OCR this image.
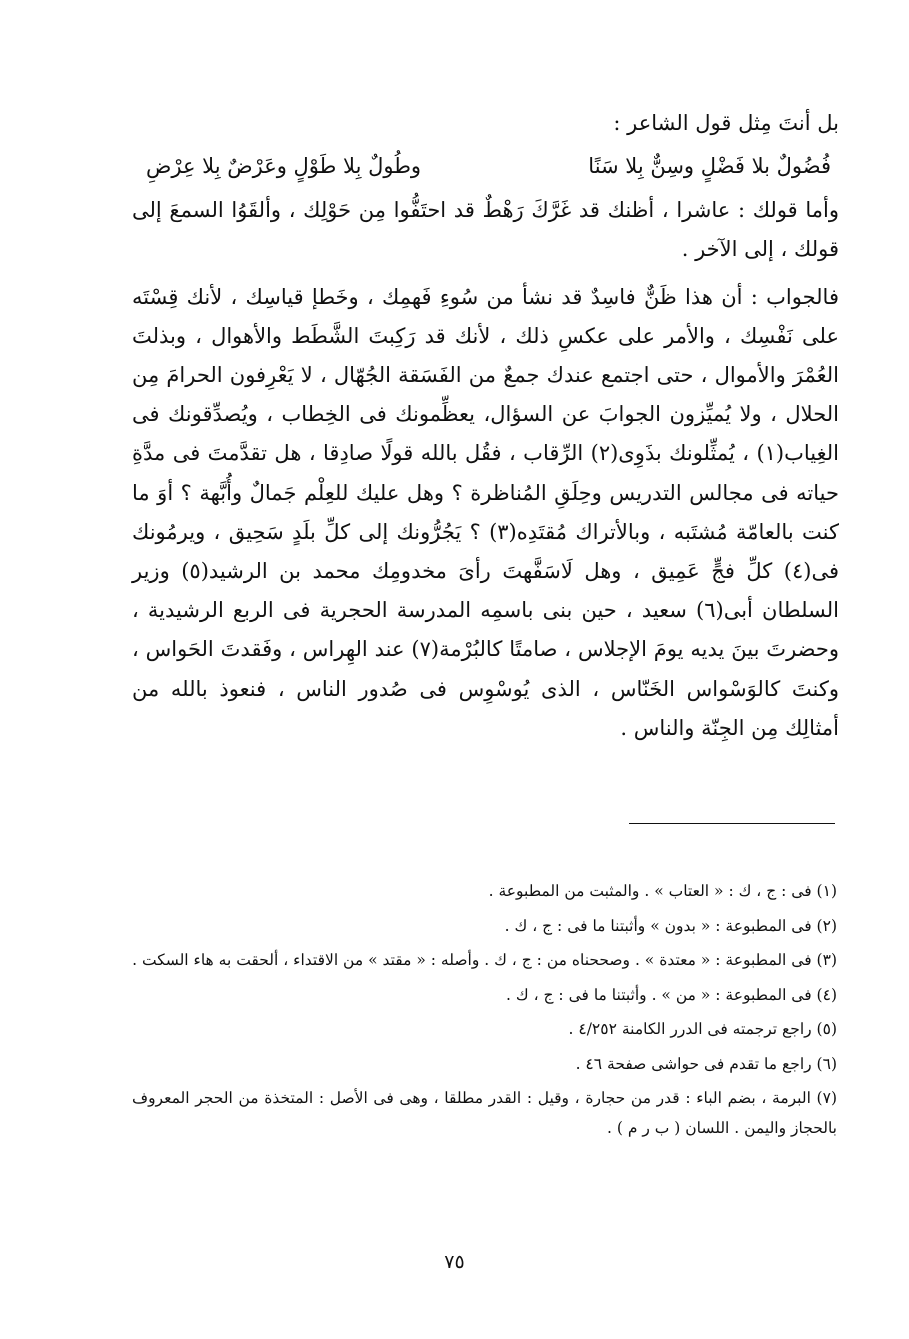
بل أنتَ مِثل قول الشاعر :

فُضُولٌ بلا فَضْلٍ وسِنٌّ بِلا سَنًا
وطُولٌ بِلا طَوْلٍ وعَرْضٌ بِلا عِرْضِ

وأما قولك : عاشرا ، أظنك قد غَرَّكَ رَهْطٌ قد احتَفُّوا مِن حَوْلِك ، وألقَوُا السمعَ إلى قولك ، إلى الآخر .

فالجواب : أن هذا ظَنٌّ فاسِدٌ قد نشأ من سُوءِ فَهمِك ، وخَطإ قياسِك ، لأنك قِسْتَه على نَفْسِك ، والأمر على عكسِ ذلك ، لأنك قد رَكِبتَ الشَّطَط والأهوال ، وبذلتَ العُمْرَ والأموال ، حتى اجتمع عندك جمعٌ من الفَسَقة الجُهّال ، لا يَعْرِفون الحرامَ مِن الحلال ، ولا يُميِّزون الجوابَ عن السؤال، يعظِّمونك فى الخِطاب ، ويُصدِّقونك فى الغِياب(١) ، يُمثِّلونك بذَوِى(٢) الرِّقاب ، فقُل بالله قولًا صادِقا ، هل تقدَّمتَ فى مدَّةِ حياته فى مجالس التدريس وحِلَقِ المُناظرة ؟ وهل عليك للعِلْم جَمالٌ وأُبَّهة ؟ أوَ ما كنت بالعامّة مُشتَبه ، وبالأتراك مُقتَدِه(٣) ؟ يَجُرُّونك إلى كلِّ بلَدٍ سَحِيق ، ويرمُونك فى(٤) كلِّ فجٍّ عَمِيق ، وهل لَاسَفَّهتَ رأىَ مخدومِك محمد بن الرشيد(٥) وزير السلطان أبى(٦) سعيد ، حين بنى باسمِه المدرسة الحجرية فى الربع الرشيدية ، وحضرتَ بينَ يديه يومَ الإجلاس ، صامتًا كالبُرْمة(٧) عند الهِراس ، وفَقدتَ الحَواس ، وكنتَ كالوَسْواس الخَنّاس ، الذى يُوسْوِس فى صُدور الناس ، فنعوذ بالله من أمثالِك مِن الجِنّة والناس .

(١) فى : ج ، ك : « العتاب » . والمثبت من المطبوعة .

(٢) فى المطبوعة : « بدون » وأثبتنا ما فى : ج ، ك .

(٣) فى المطبوعة : « معتدة » . وصححناه من : ج ، ك . وأصله : « مقتد » من الاقتداء ، ألحقت به هاء السكت .

(٤) فى المطبوعة : « من » . وأثبتنا ما فى : ج ، ك .

(٥) راجع ترجمته فى الدرر الكامنة ٤/٢٥٢ .

(٦) راجع ما تقدم فى حواشى صفحة ٤٦ .

(٧) البرمة ، بضم الباء : قدر من حجارة ، وقيل : القدر مطلقا ، وهى فى الأصل : المتخذة من الحجر المعروف بالحجاز واليمن . اللسان ( ب ر م ) .

٧٥
